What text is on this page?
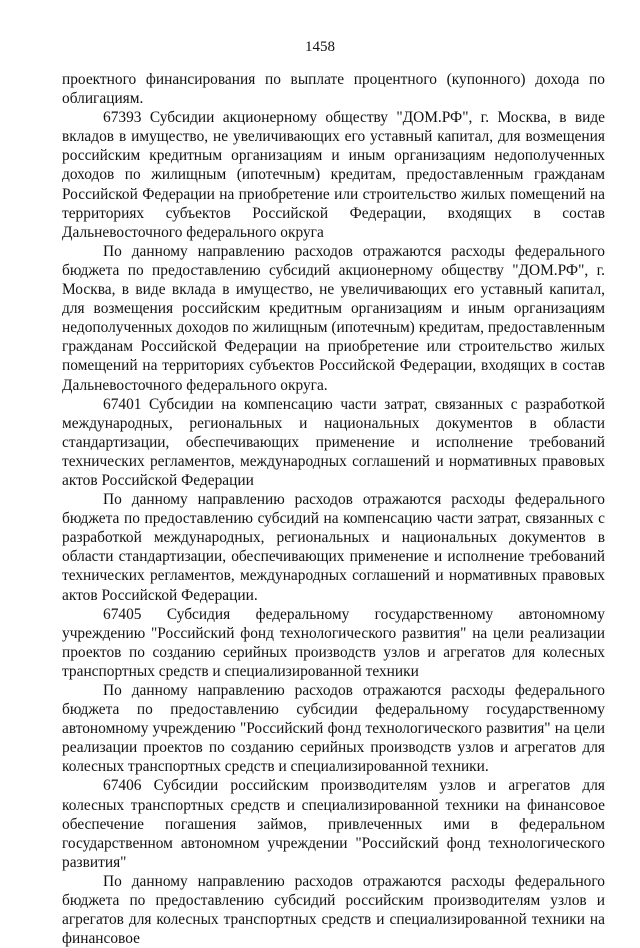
1458

проектного финансирования по выплате процентного (купонного) дохода по облигациям.

67393 Субсидии акционерному обществу "ДОМ.РФ", г. Москва, в виде вкладов в имущество, не увеличивающих его уставный капитал, для возмещения российским кредитным организациям и иным организациям недополученных доходов по жилищным (ипотечным) кредитам, предоставленным гражданам Российской Федерации на приобретение или строительство жилых помещений на территориях субъектов Российской Федерации, входящих в состав Дальневосточного федерального округа

По данному направлению расходов отражаются расходы федерального бюджета по предоставлению субсидий акционерному обществу "ДОМ.РФ", г. Москва, в виде вклада в имущество, не увеличивающих его уставный капитал, для возмещения российским кредитным организациям и иным организациям недополученных доходов по жилищным (ипотечным) кредитам, предоставленным гражданам Российской Федерации на приобретение или строительство жилых помещений на территориях субъектов Российской Федерации, входящих в состав Дальневосточного федерального округа.

67401 Субсидии на компенсацию части затрат, связанных с разработкой международных, региональных и национальных документов в области стандартизации, обеспечивающих применение и исполнение требований технических регламентов, международных соглашений и нормативных правовых актов Российской Федерации

По данному направлению расходов отражаются расходы федерального бюджета по предоставлению субсидий на компенсацию части затрат, связанных с разработкой международных, региональных и национальных документов в области стандартизации, обеспечивающих применение и исполнение требований технических регламентов, международных соглашений и нормативных правовых актов Российской Федерации.

67405 Субсидия федеральному государственному автономному учреждению "Российский фонд технологического развития" на цели реализации проектов по созданию серийных производств узлов и агрегатов для колесных транспортных средств и специализированной техники

По данному направлению расходов отражаются расходы федерального бюджета по предоставлению субсидии федеральному государственному автономному учреждению "Российский фонд технологического развития" на цели реализации проектов по созданию серийных производств узлов и агрегатов для колесных транспортных средств и специализированной техники.

67406 Субсидии российским производителям узлов и агрегатов для колесных транспортных средств и специализированной техники на финансовое обеспечение погашения займов, привлеченных ими в федеральном государственном автономном учреждении "Российский фонд технологического развития"

По данному направлению расходов отражаются расходы федерального бюджета по предоставлению субсидий российским производителям узлов и агрегатов для колесных транспортных средств и специализированной техники на финансовое
